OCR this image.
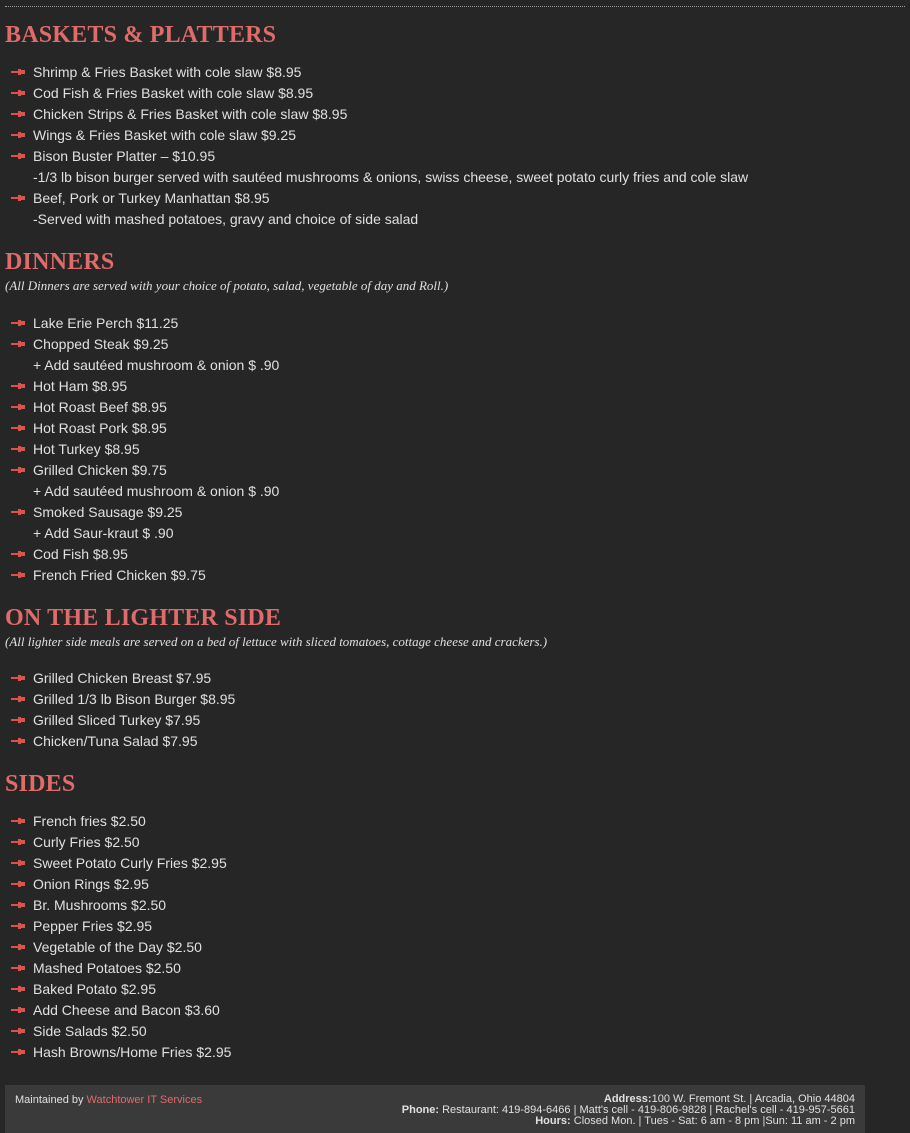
BASKETS & PLATTERS
Shrimp & Fries Basket with cole slaw $8.95
Cod Fish & Fries Basket with cole slaw $8.95
Chicken Strips & Fries Basket with cole slaw $8.95
Wings & Fries Basket with cole slaw $9.25
Bison Buster Platter – $10.95
-1/3 lb bison burger served with sautéed mushrooms & onions, swiss cheese, sweet potato curly fries and cole slaw
Beef, Pork or Turkey Manhattan $8.95
-Served with mashed potatoes, gravy and choice of side salad
DINNERS

(All Dinners are served with your choice of potato, salad, vegetable of day and Roll.)

Lake Erie Perch $11.25
Chopped Steak $9.25
+ Add sautéed mushroom & onion $ .90
Hot Ham $8.95
Hot Roast Beef $8.95
Hot Roast Pork $8.95
Hot Turkey $8.95
Grilled Chicken $9.75
+ Add sautéed mushroom & onion $ .90
Smoked Sausage $9.25
+ Add Saur-kraut $ .90
Cod Fish $8.95
French Fried Chicken $9.75
ON THE LIGHTER SIDE

(All lighter side meals are served on a bed of lettuce with sliced tomatoes, cottage cheese and crackers.)

Grilled Chicken Breast $7.95
Grilled 1/3 lb Bison Burger $8.95
Grilled Sliced Turkey $7.95
Chicken/Tuna Salad $7.95
SIDES
French fries $2.50
Curly Fries $2.50
Sweet Potato Curly Fries $2.95
Onion Rings $2.95
Br. Mushrooms $2.50
Pepper Fries $2.95
Vegetable of the Day $2.50
Mashed Potatoes $2.50
Baked Potato $2.95
Add Cheese and Bacon $3.60
Side Salads $2.50
Hash Browns/Home Fries $2.95
Maintained by Watchtower IT Services	Address:100 W. Fremont St. | Arcadia, Ohio 44804
Phone: Restaurant: 419-894-6466 | Matt's cell - 419-806-9828 | Rachel's cell - 419-957-5661
Hours: Closed Mon. | Tues - Sat: 6 am - 8 pm |Sun: 11 am - 2 pm
